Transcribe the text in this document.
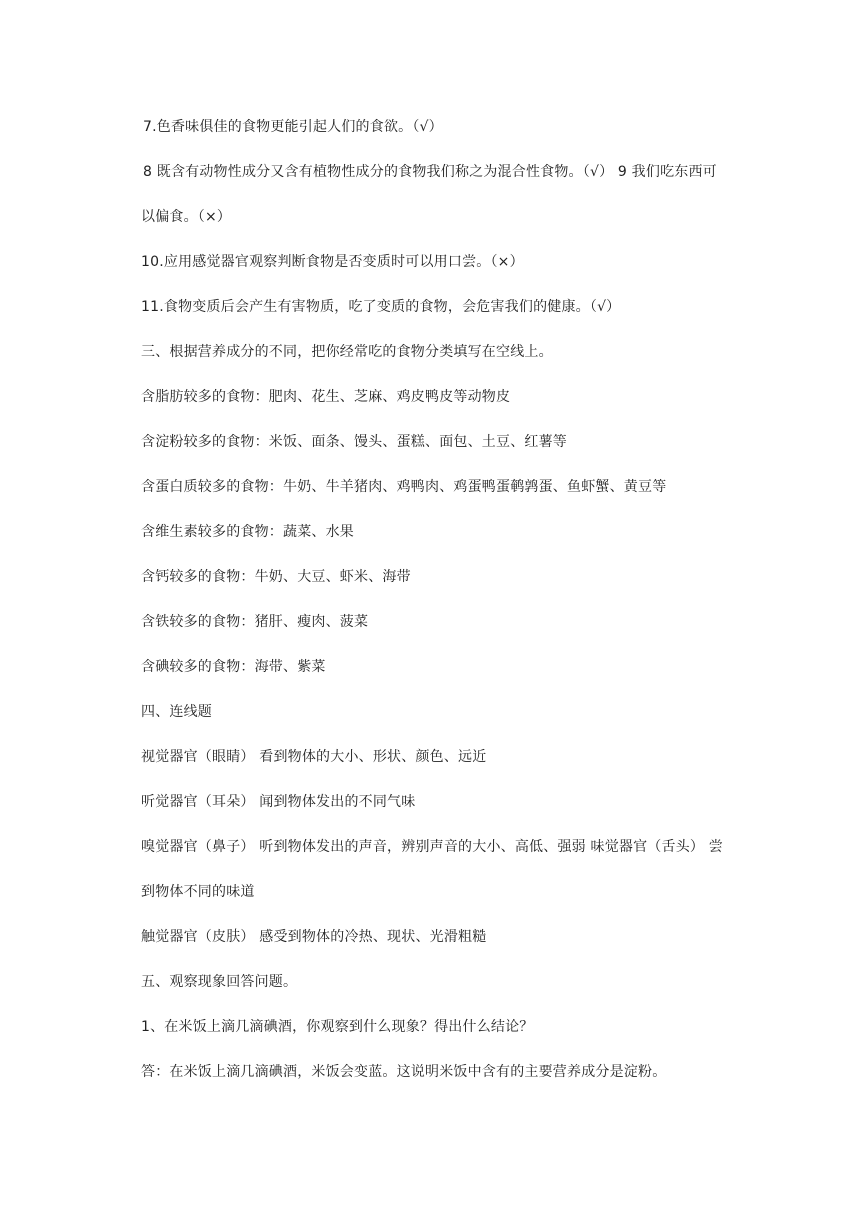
7.色香味俱佳的食物更能引起人们的食欲。（√）
8 既含有动物性成分又含有植物性成分的食物我们称之为混合性食物。（√） 9 我们吃东西可
以偏食。（×）
10.应用感觉器官观察判断食物是否变质时可以用口尝。（×）
11.食物变质后会产生有害物质，吃了变质的食物，会危害我们的健康。（√）
三、根据营养成分的不同，把你经常吃的食物分类填写在空线上。
含脂肪较多的食物：肥肉、花生、芝麻、鸡皮鸭皮等动物皮
含淀粉较多的食物：米饭、面条、馒头、蛋糕、面包、土豆、红薯等
含蛋白质较多的食物：牛奶、牛羊猪肉、鸡鸭肉、鸡蛋鸭蛋鹌鹑蛋、鱼虾蟹、黄豆等
含维生素较多的食物：蔬菜、水果
含钙较多的食物：牛奶、大豆、虾米、海带
含铁较多的食物：猪肝、瘦肉、菠菜
含碘较多的食物：海带、紫菜
四、连线题
视觉器官（眼睛） 看到物体的大小、形状、颜色、远近
听觉器官（耳朵） 闻到物体发出的不同气味
嗅觉器官（鼻子） 听到物体发出的声音，辨别声音的大小、高低、强弱 味觉器官（舌头） 尝
到物体不同的味道
触觉器官（皮肤） 感受到物体的冷热、现状、光滑粗糙
五、观察现象回答问题。
1、在米饭上滴几滴碘酒，你观察到什么现象？得出什么结论？
答：在米饭上滴几滴碘酒，米饭会变蓝。这说明米饭中含有的主要营养成分是淀粉。
